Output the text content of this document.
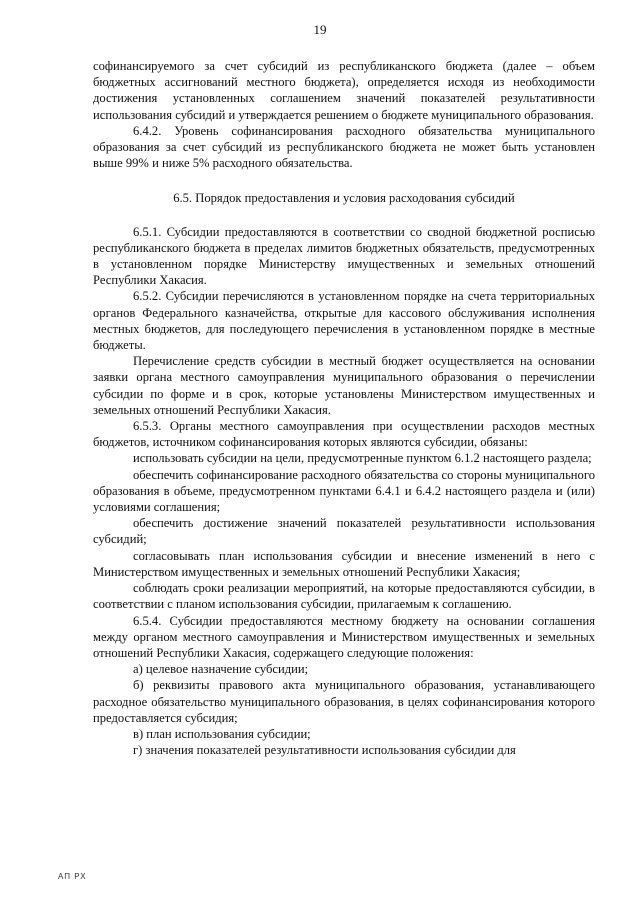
19

софинансируемого за счет субсидий из республиканского бюджета (далее – объем бюджетных ассигнований местного бюджета), определяется исходя из необходимости достижения установленных соглашением значений показателей результативности использования субсидий и утверждается решением о бюджете муниципального образования.

6.4.2. Уровень софинансирования расходного обязательства муниципального образования за счет субсидий из республиканского бюджета не может быть установлен выше 99% и ниже 5% расходного обязательства.

6.5. Порядок предоставления и условия расходования субсидий

6.5.1. Субсидии предоставляются в соответствии со сводной бюджетной росписью республиканского бюджета в пределах лимитов бюджетных обязательств, предусмотренных в установленном порядке Министерству имущественных и земельных отношений Республики Хакасия.

6.5.2. Субсидии перечисляются в установленном порядке на счета территориальных органов Федерального казначейства, открытые для кассового обслуживания исполнения местных бюджетов, для последующего перечисления в установленном порядке в местные бюджеты.

Перечисление средств субсидии в местный бюджет осуществляется на основании заявки органа местного самоуправления муниципального образования о перечислении субсидии по форме и в срок, которые установлены Министерством имущественных и земельных отношений Республики Хакасия.

6.5.3. Органы местного самоуправления при осуществлении расходов местных бюджетов, источником софинансирования которых являются субсидии, обязаны:

использовать субсидии на цели, предусмотренные пунктом 6.1.2 настоящего раздела;

обеспечить софинансирование расходного обязательства со стороны муниципального образования в объеме, предусмотренном пунктами 6.4.1 и 6.4.2 настоящего раздела и (или) условиями соглашения;

обеспечить достижение значений показателей результативности использования субсидий;

согласовывать план использования субсидии и внесение изменений в него с Министерством имущественных и земельных отношений Республики Хакасия;

соблюдать сроки реализации мероприятий, на которые предоставляются субсидии, в соответствии с планом использования субсидии, прилагаемым к соглашению.

6.5.4. Субсидии предоставляются местному бюджету на основании соглашения между органом местного самоуправления и Министерством имущественных и земельных отношений Республики Хакасия, содержащего следующие положения:

а) целевое назначение субсидии;

б) реквизиты правового акта муниципального образования, устанавливающего расходное обязательство муниципального образования, в целях софинансирования которого предоставляется субсидия;

в) план использования субсидии;

г) значения показателей результативности использования субсидии для

АП РХ
